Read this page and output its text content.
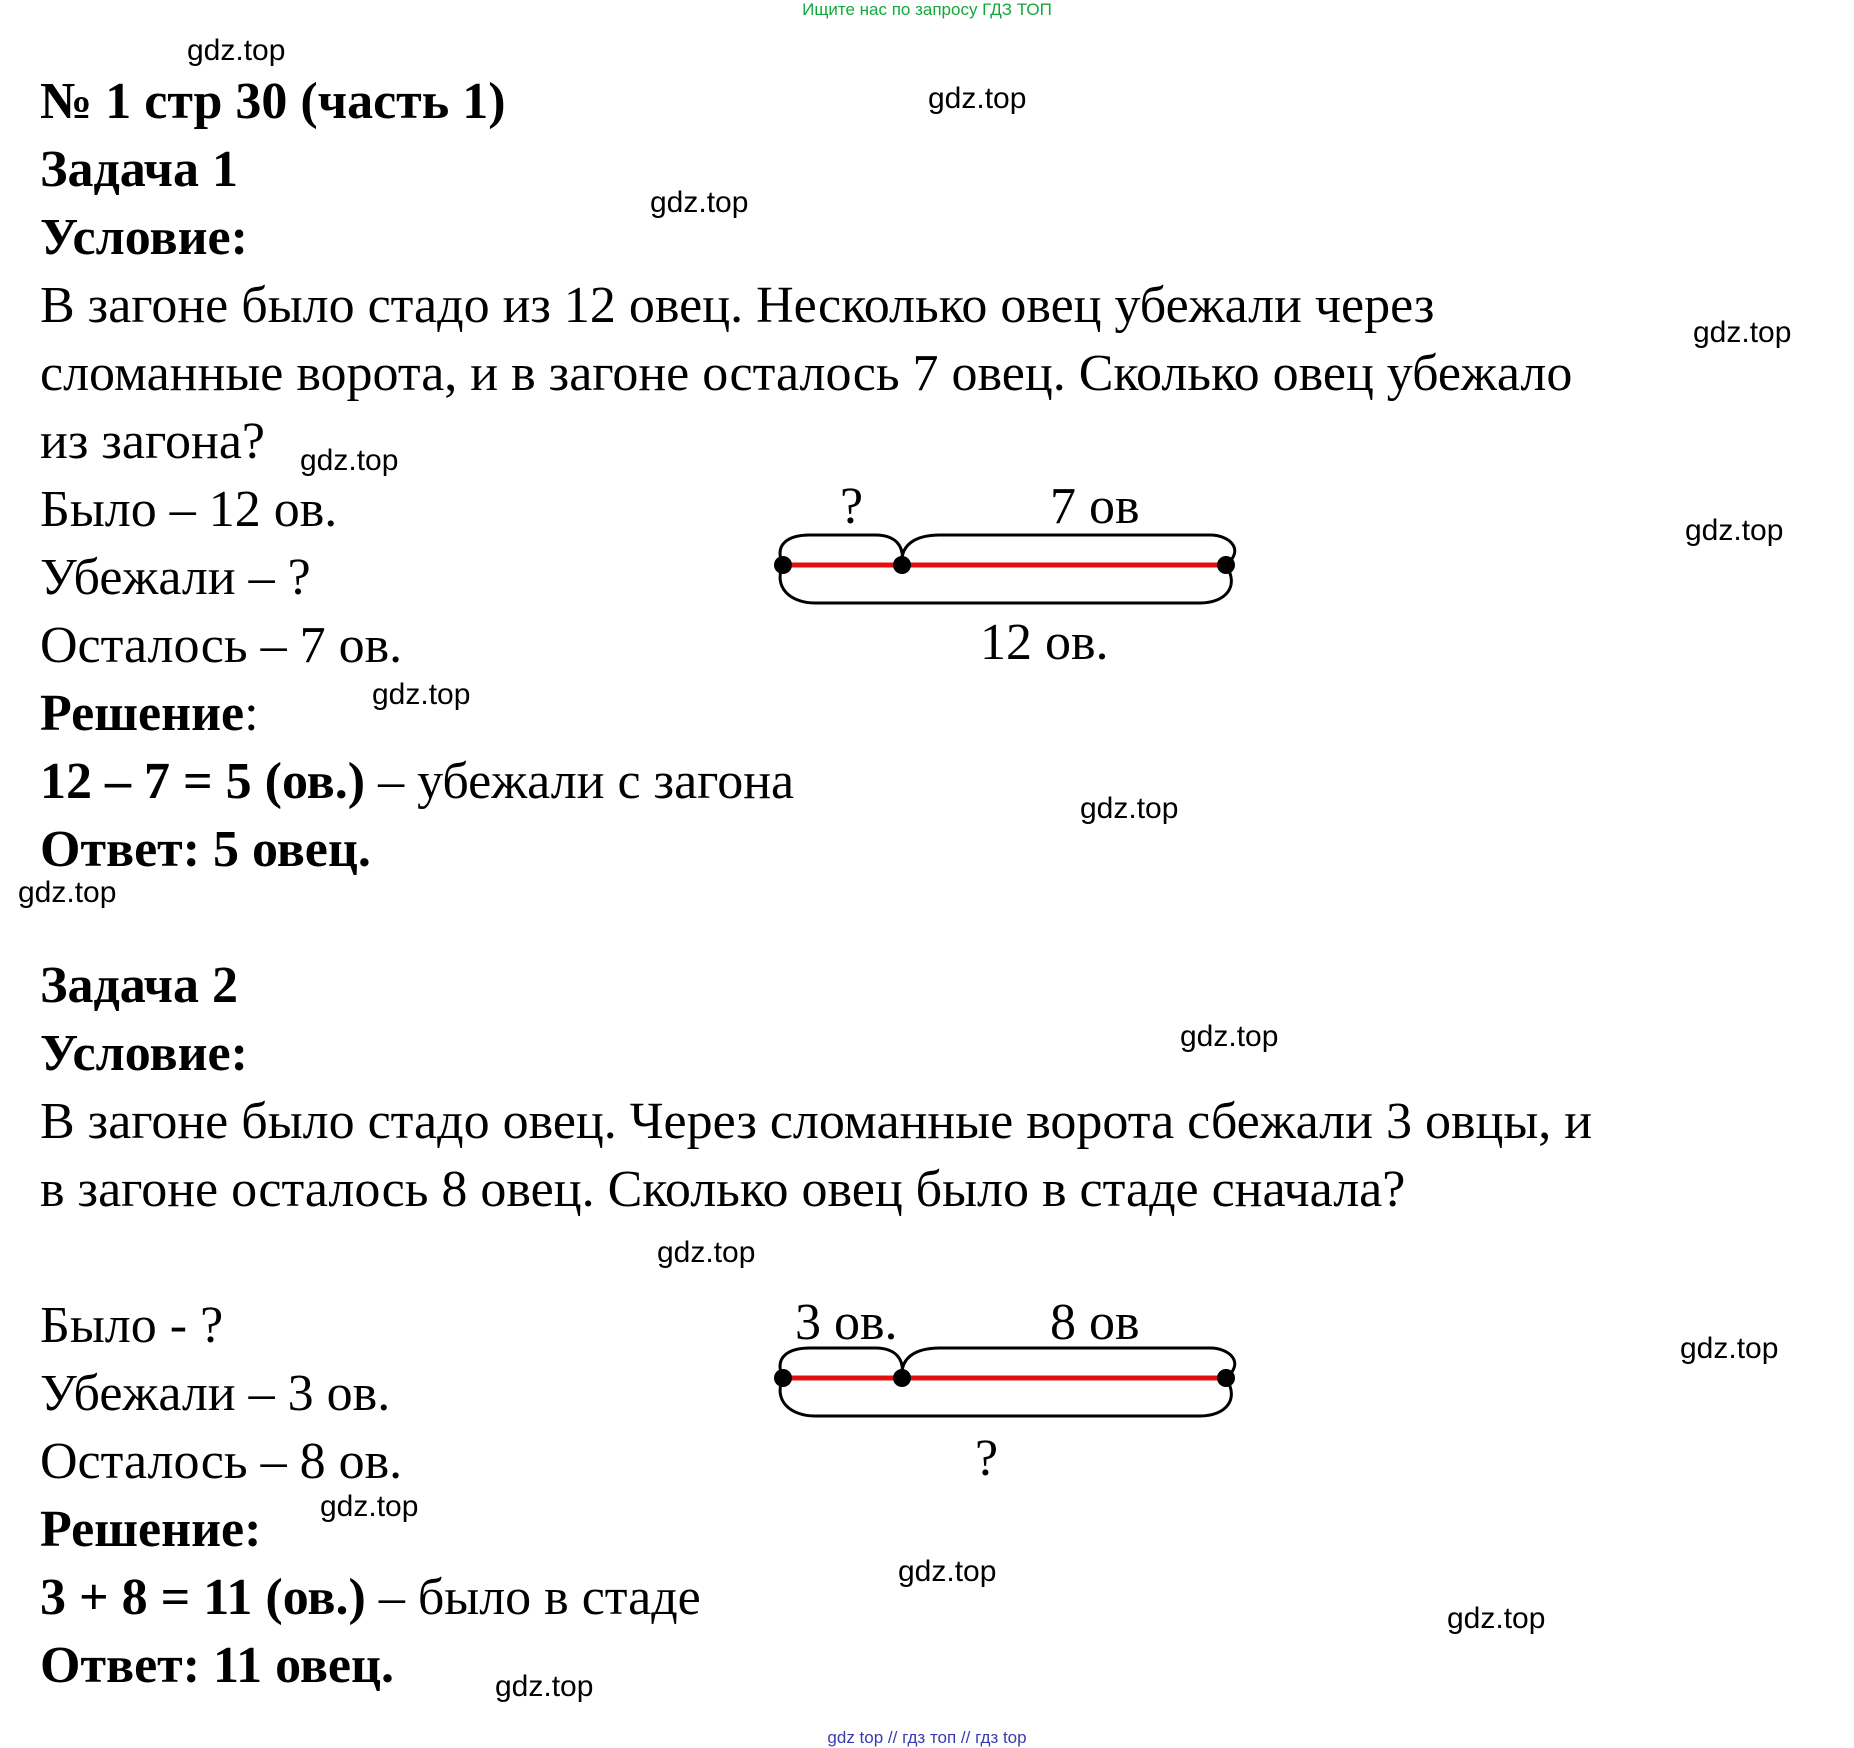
Ищите нас по запросу ГДЗ ТОП
№ 1 стр 30 (часть 1)
Задача 1
Условие:
В загоне было стадо из 12 овец. Несколько овец убежали через
сломанные ворота, и в загоне осталось 7 овец. Сколько овец убежало
из загона?
Было – 12 ов.
Убежали – ?
Осталось – 7 ов.
Решение:
12 – 7 = 5 (ов.) – убежали с загона
Ответ: 5 овец.
?	7 ов
12 ов.
Задача 2
Условие:
В загоне было стадо овец. Через сломанные ворота сбежали 3 овцы, и
в загоне осталось 8 овец. Сколько овец было в стаде сначала?
Было - ?
Убежали – 3 ов.
Осталось – 8 ов.
Решение:
3 + 8 = 11 (ов.) – было в стаде
Ответ: 11 овец.
3 ов.	8 ов
?
gdz.top
gdz.top
gdz.top
gdz.top
gdz.top
gdz.top
gdz.top
gdz.top
gdz.top
gdz.top
gdz.top
gdz.top
gdz.top
gdz.top
gdz.top
gdz.top
gdz top // гдз топ // гдз top
